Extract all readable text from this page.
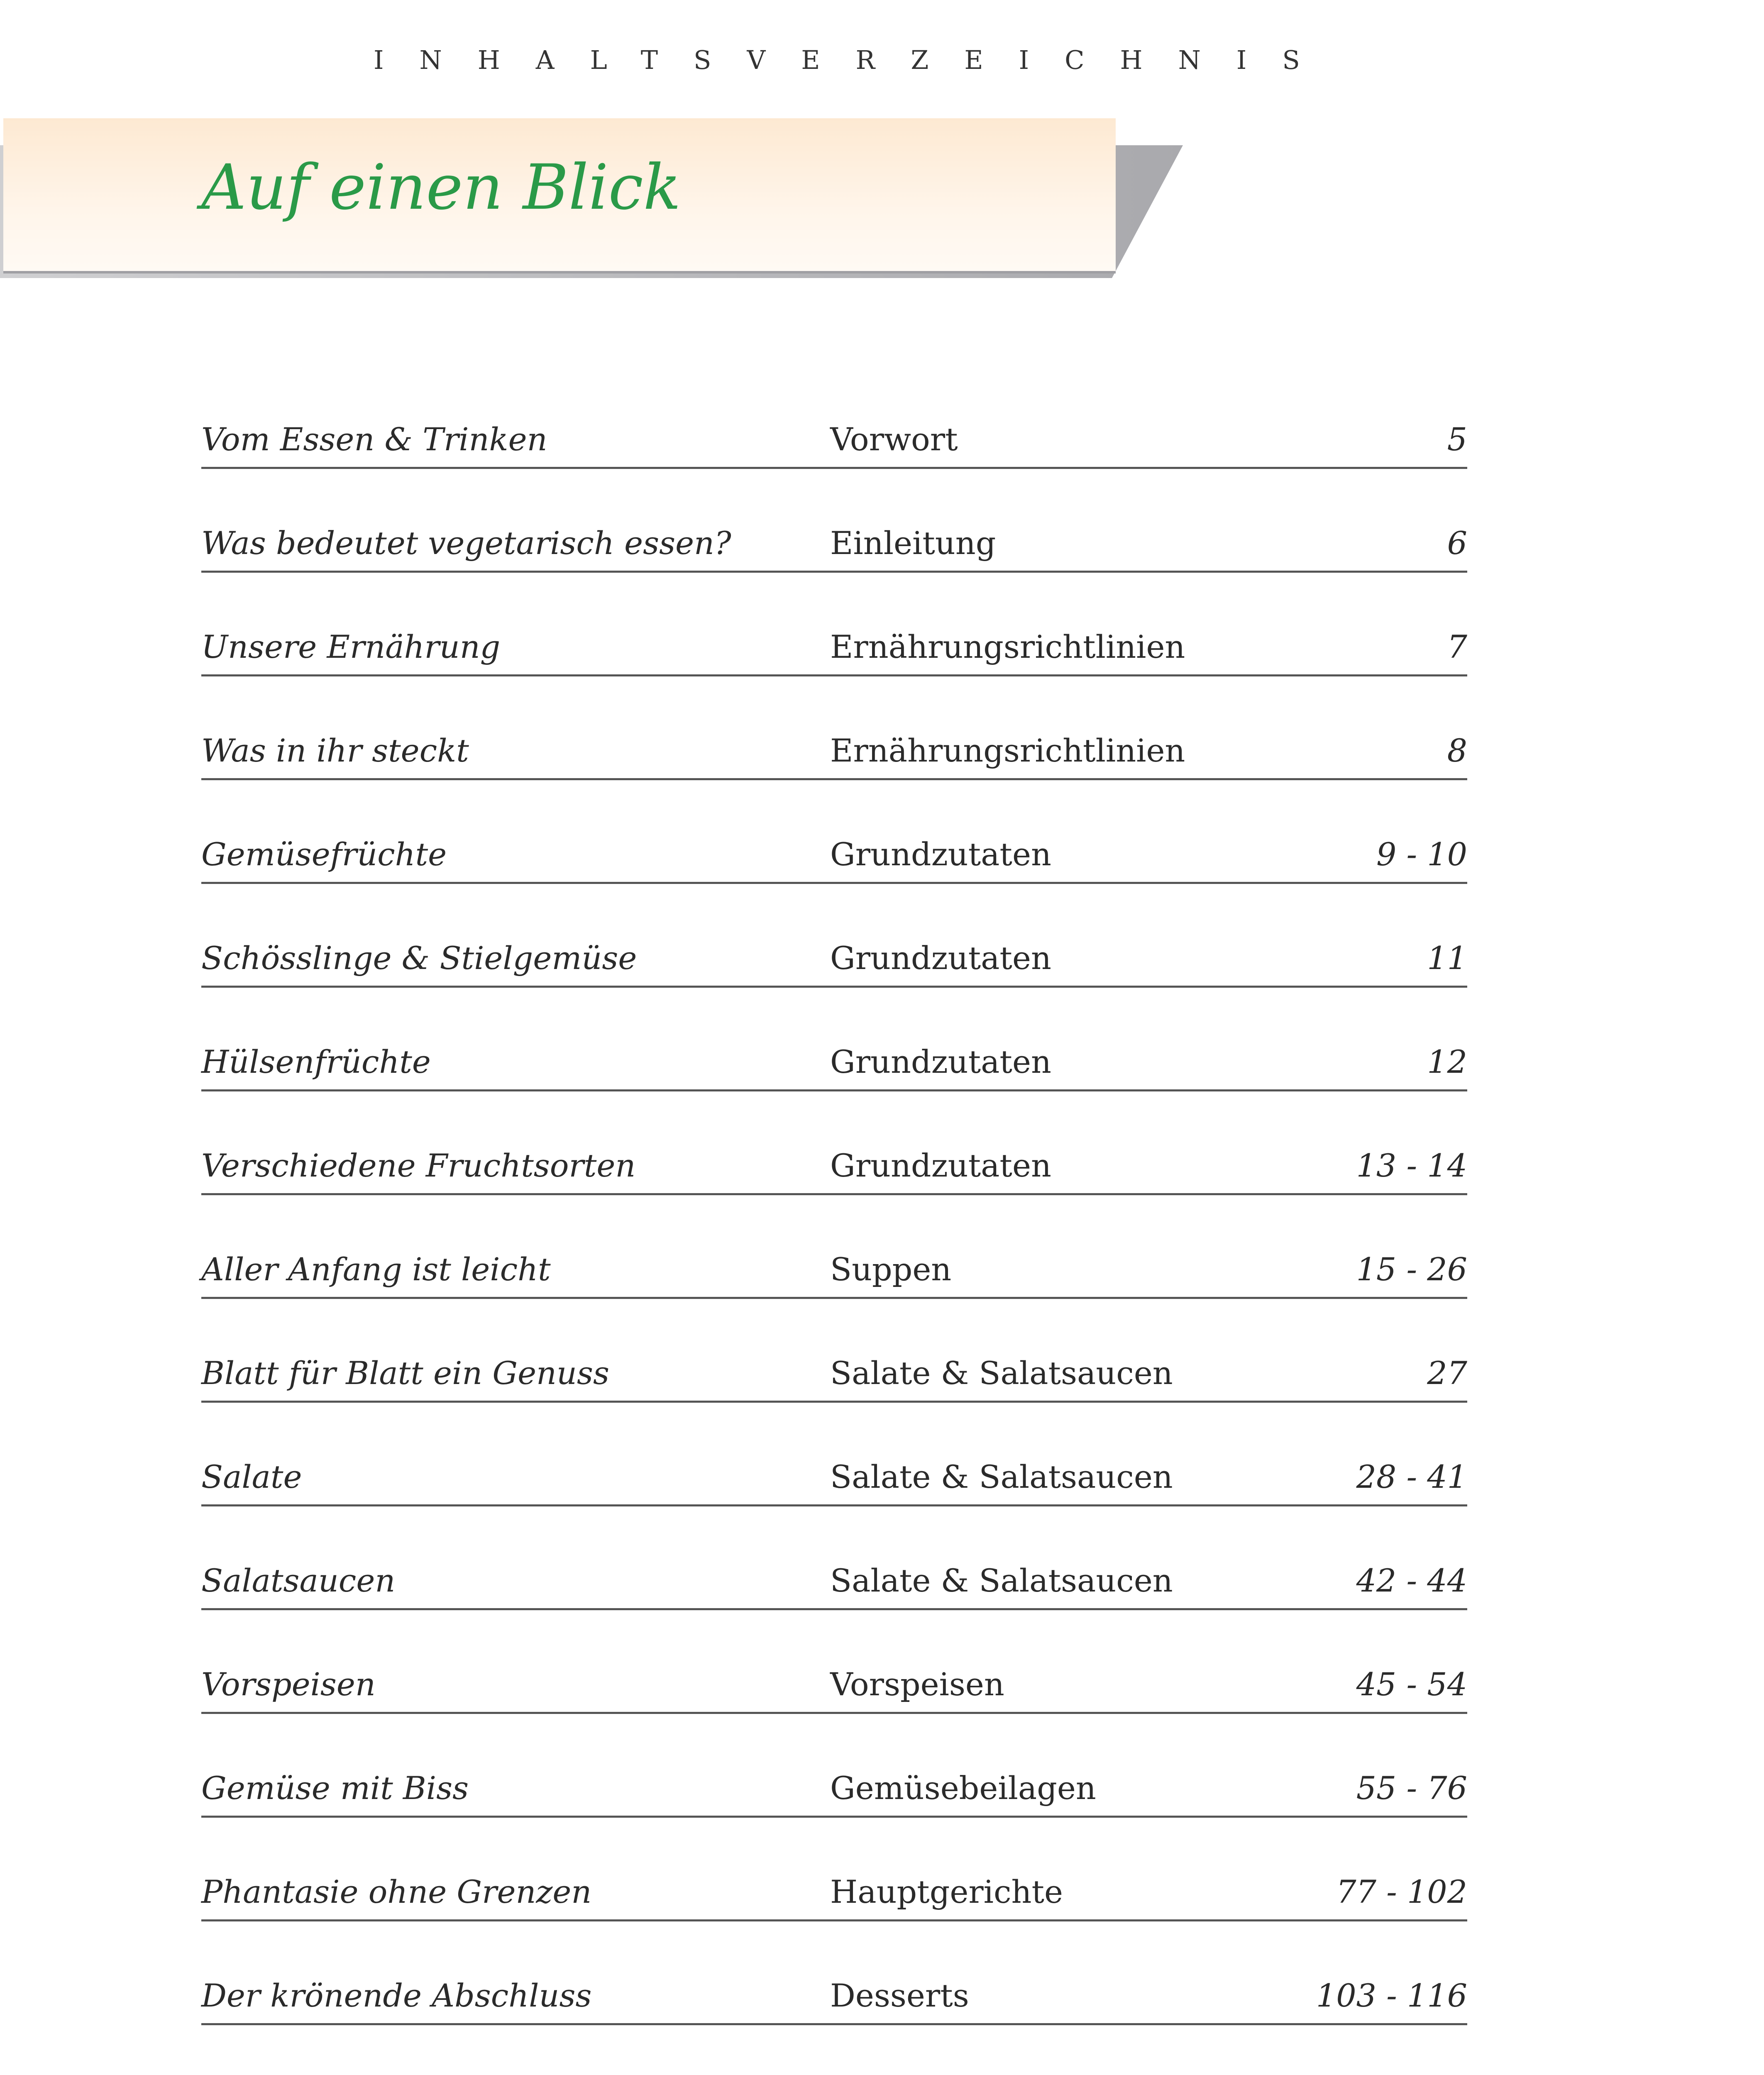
INHALTSVERZEICHNIS
Auf einen Blick
Vom Essen & Trinken	Vorwort	5
Was bedeutet vegetarisch essen?	Einleitung	6
Unsere Ernährung	Ernährungsrichtlinien	7
Was in ihr steckt	Ernährungsrichtlinien	8
Gemüsefrüchte	Grundzutaten	9 - 10
Schösslinge & Stielgemüse	Grundzutaten	11
Hülsenfrüchte	Grundzutaten	12
Verschiedene Fruchtsorten	Grundzutaten	13 - 14
Aller Anfang ist leicht	Suppen	15 - 26
Blatt für Blatt ein Genuss	Salate & Salatsaucen	27
Salate	Salate & Salatsaucen	28 - 41
Salatsaucen	Salate & Salatsaucen	42 - 44
Vorspeisen	Vorspeisen	45 - 54
Gemüse mit Biss	Gemüsebeilagen	55 - 76
Phantasie ohne Grenzen	Hauptgerichte	77 - 102
Der krönende Abschluss	Desserts	103 - 116
